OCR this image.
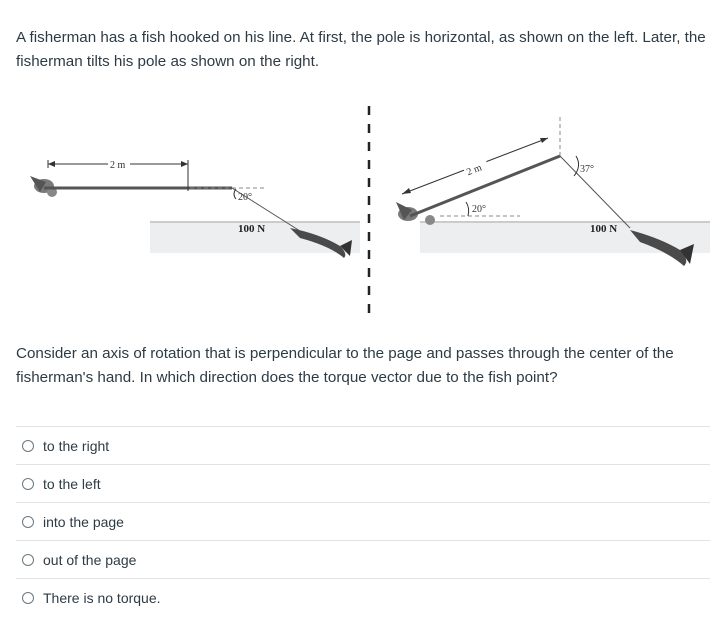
A fisherman has a fish hooked on his line. At first, the pole is horizontal, as shown on the left. Later, the fisherman tilts his pole as shown on the right.

2 m
20°
100 N
2 m
20°
37°
100 N

Consider an axis of rotation that is perpendicular to the page and passes through the center of the fisherman's hand. In which direction does the torque vector due to the fish point?

to the right
to the left
into the page
out of the page
There is no torque.
